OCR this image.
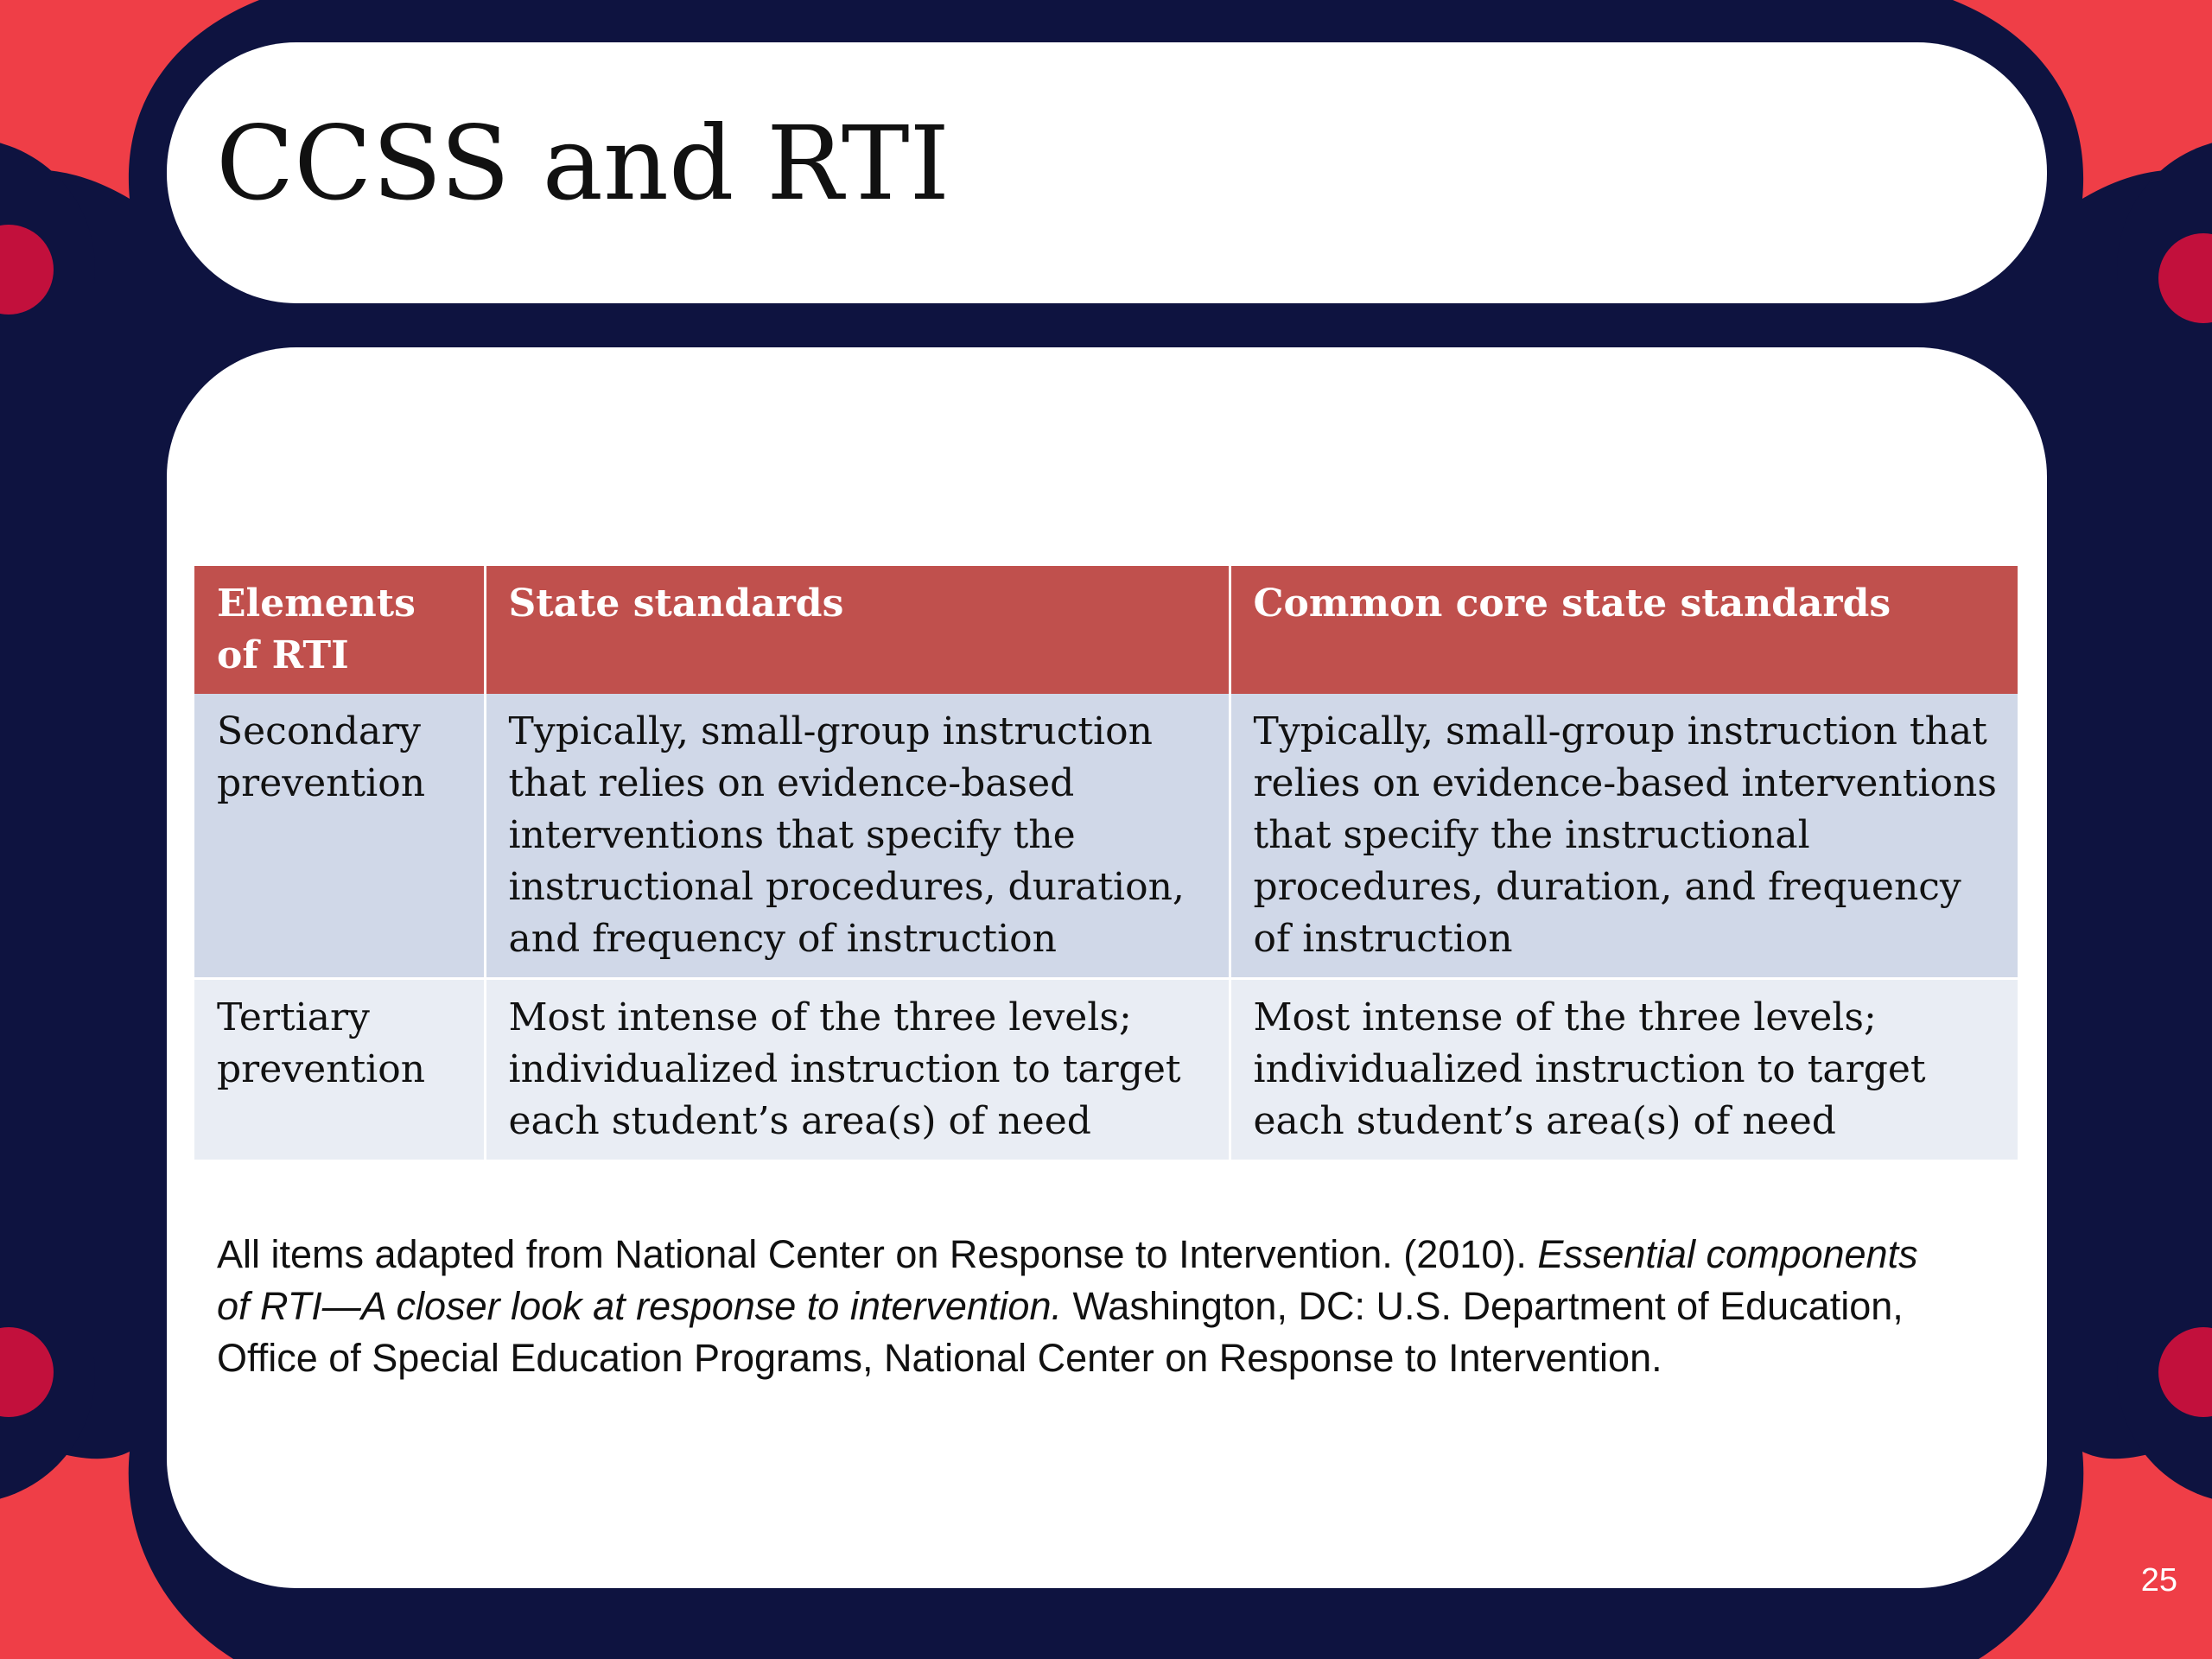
CCSS and RTI
Elements of RTI	State standards	Common core state standards
Secondary prevention	Typically, small-group instruction that relies on evidence-based interventions that specify the instructional procedures, duration, and frequency of instruction	Typically, small-group instruction that relies on evidence-based interventions that specify the instructional procedures, duration, and frequency of instruction
Tertiary prevention	Most intense of the three levels; individualized instruction to target each student’s area(s) of need	Most intense of the three levels; individualized instruction to target each student’s area(s) of need

All items adapted from National Center on Response to Intervention. (2010). Essential components of RTI—A closer look at response to intervention. Washington, DC: U.S. Department of Education, Office of Special Education Programs, National Center on Response to Intervention.

25
